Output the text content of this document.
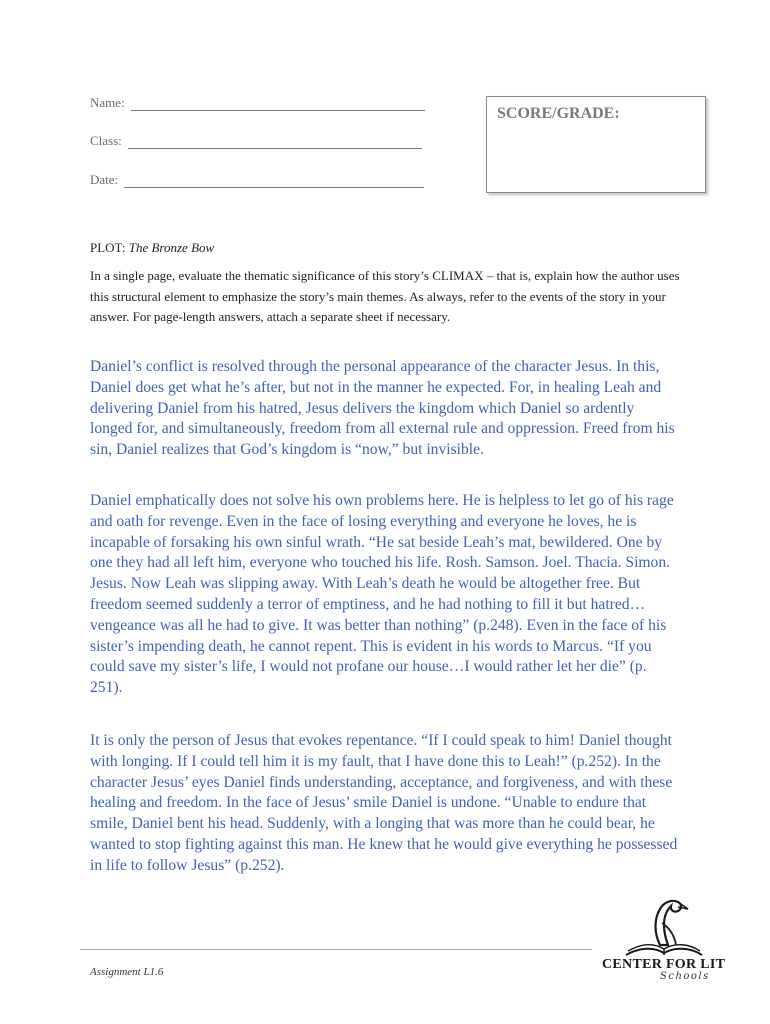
Name:
Class:
Date:
SCORE/GRADE:
PLOT: The Bronze Bow
In a single page, evaluate the thematic significance of this story’s CLIMAX – that is, explain how the author uses this structural element to emphasize the story’s main themes. As always, refer to the events of the story in your answer. For page-length answers, attach a separate sheet if necessary.

Daniel’s conflict is resolved through the personal appearance of the character Jesus. In this, Daniel does get what he’s after, but not in the manner he expected. For, in healing Leah and delivering Daniel from his hatred, Jesus delivers the kingdom which Daniel so ardently longed for, and simultaneously, freedom from all external rule and oppression. Freed from his sin, Daniel realizes that God’s kingdom is “now,” but invisible.

Daniel emphatically does not solve his own problems here. He is helpless to let go of his rage and oath for revenge. Even in the face of losing everything and everyone he loves, he is incapable of forsaking his own sinful wrath. “He sat beside Leah’s mat, bewildered. One by one they had all left him, everyone who touched his life. Rosh. Samson. Joel. Thacia. Simon. Jesus. Now Leah was slipping away. With Leah’s death he would be altogether free. But freedom seemed suddenly a terror of emptiness, and he had nothing to fill it but hatred…vengeance was all he had to give. It was better than nothing” (p.248). Even in the face of his sister’s impending death, he cannot repent. This is evident in his words to Marcus. “If you could save my sister’s life, I would not profane our house…I would rather let her die” (p. 251).

It is only the person of Jesus that evokes repentance. “If I could speak to him! Daniel thought with longing. If I could tell him it is my fault, that I have done this to Leah!” (p.252). In the character Jesus’ eyes Daniel finds understanding, acceptance, and forgiveness, and with these healing and freedom. In the face of Jesus’ smile Daniel is undone. “Unable to endure that smile, Daniel bent his head. Suddenly, with a longing that was more than he could bear, he wanted to stop fighting against this man. He knew that he would give everything he possessed in life to follow Jesus” (p.252).

Assignment L1.6	CENTER FOR LIT
Schools
